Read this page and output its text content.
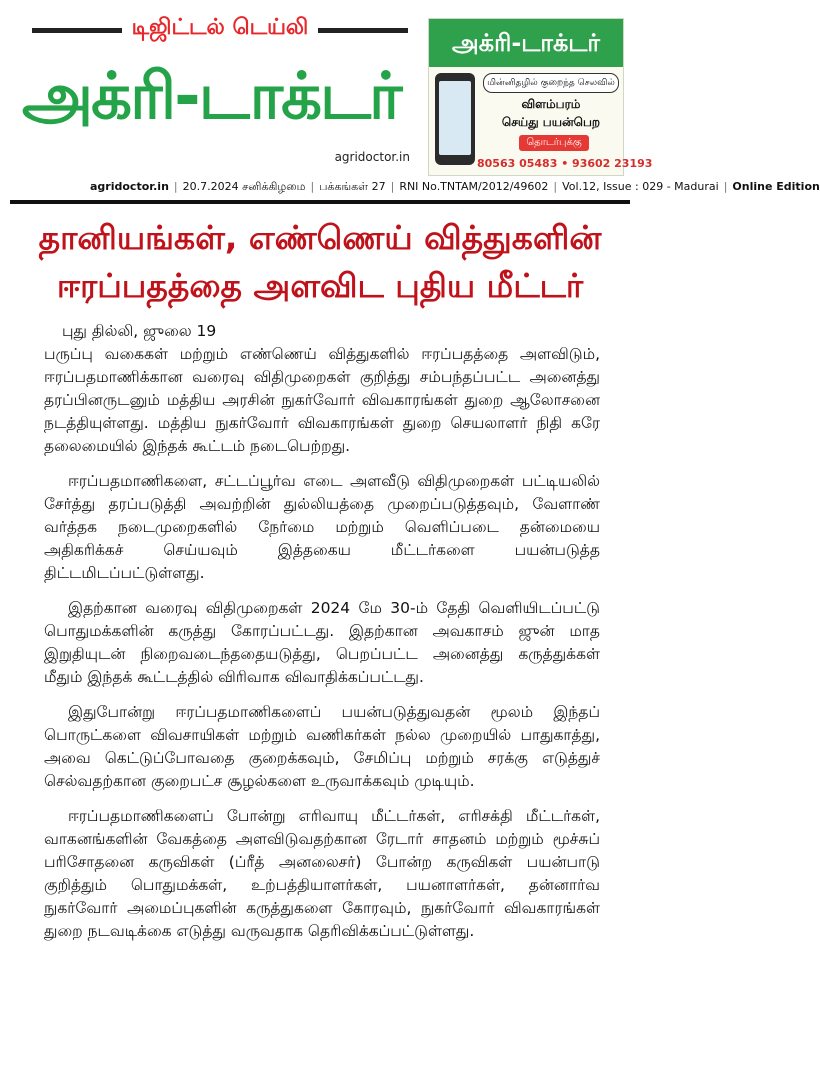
டிஜிட்டல் டெய்லி
அக்ரி-டாக்டர்
agridoctor.in
அக்ரி-டாக்டர்
மின்னிதழில் குறைந்த செலவில்
விளம்பரம்
செய்து பயன்பெற
தொடர்புக்கு
80563 05483 • 93602 23193
agridoctor.in | 20.7.2024 சனிக்கிழமை | பக்கங்கள் 27 | RNI No.TNTAM/2012/49602 | Vol.12, Issue : 029 - Madurai | Online Edition
தானியங்கள், எண்ணெய் வித்துகளின்
ஈரப்பதத்தை அளவிட புதிய மீட்டர்
புது தில்லி, ஜுலை 19

பருப்பு வகைகள் மற்றும் எண்ணெய் வித்துகளில் ஈரப்பதத்தை அளவிடும், ஈரப்பதமாணிக்கான வரைவு விதிமுறைகள் குறித்து சம்பந்தப்பட்ட அனைத்து தரப்பினருடனும் மத்திய அரசின் நுகர்வோர் விவகாரங்கள் துறை ஆலோசனை நடத்தியுள்ளது. மத்திய நுகர்வோர் விவகாரங்கள் துறை செயலாளர் நிதி கரே தலைமையில் இந்தக் கூட்டம் நடைபெற்றது.

ஈரப்பதமாணிகளை, சட்டப்பூர்வ எடை அளவீடு விதிமுறைகள் பட்டியலில் சேர்த்து தரப்படுத்தி அவற்றின் துல்லியத்தை முறைப்படுத்தவும், வேளாண் வர்த்தக நடைமுறைகளில் நேர்மை மற்றும் வெளிப்படை தன்மையை அதிகரிக்கச் செய்யவும் இத்தகைய மீட்டர்களை பயன்படுத்த திட்டமிடப்பட்டுள்ளது.

இதற்கான வரைவு விதிமுறைகள் 2024 மே 30-ம் தேதி வெளியிடப்பட்டு பொதுமக்களின் கருத்து கோரப்பட்டது. இதற்கான அவகாசம் ஜுன் மாத இறுதியுடன் நிறைவடைந்ததையடுத்து, பெறப்பட்ட அனைத்து கருத்துக்கள் மீதும் இந்தக் கூட்டத்தில் விரிவாக விவாதிக்கப்பட்டது.

இதுபோன்று ஈரப்பதமாணிகளைப் பயன்படுத்துவதன் மூலம் இந்தப் பொருட்களை விவசாயிகள் மற்றும் வணிகர்கள் நல்ல முறையில் பாதுகாத்து, அவை கெட்டுப்போவதை குறைக்கவும், சேமிப்பு மற்றும் சரக்கு எடுத்துச் செல்வதற்கான குறைபட்ச சூழல்களை உருவாக்கவும் முடியும்.

ஈரப்பதமாணிகளைப் போன்று எரிவாயு மீட்டர்கள், எரிசக்தி மீட்டர்கள், வாகனங்களின் வேகத்தை அளவிடுவதற்கான ரேடார் சாதனம் மற்றும் மூச்சுப் பரிசோதனை கருவிகள் (ப்ரீத் அனலைசர்) போன்ற கருவிகள் பயன்பாடு குறித்தும் பொதுமக்கள், உற்பத்தியாளர்கள், பயனாளர்கள், தன்னார்வ நுகர்வோர் அமைப்புகளின் கருத்துகளை கோரவும், நுகர்வோர் விவகாரங்கள் துறை நடவடிக்கை எடுத்து வருவதாக தெரிவிக்கப்பட்டுள்ளது.
